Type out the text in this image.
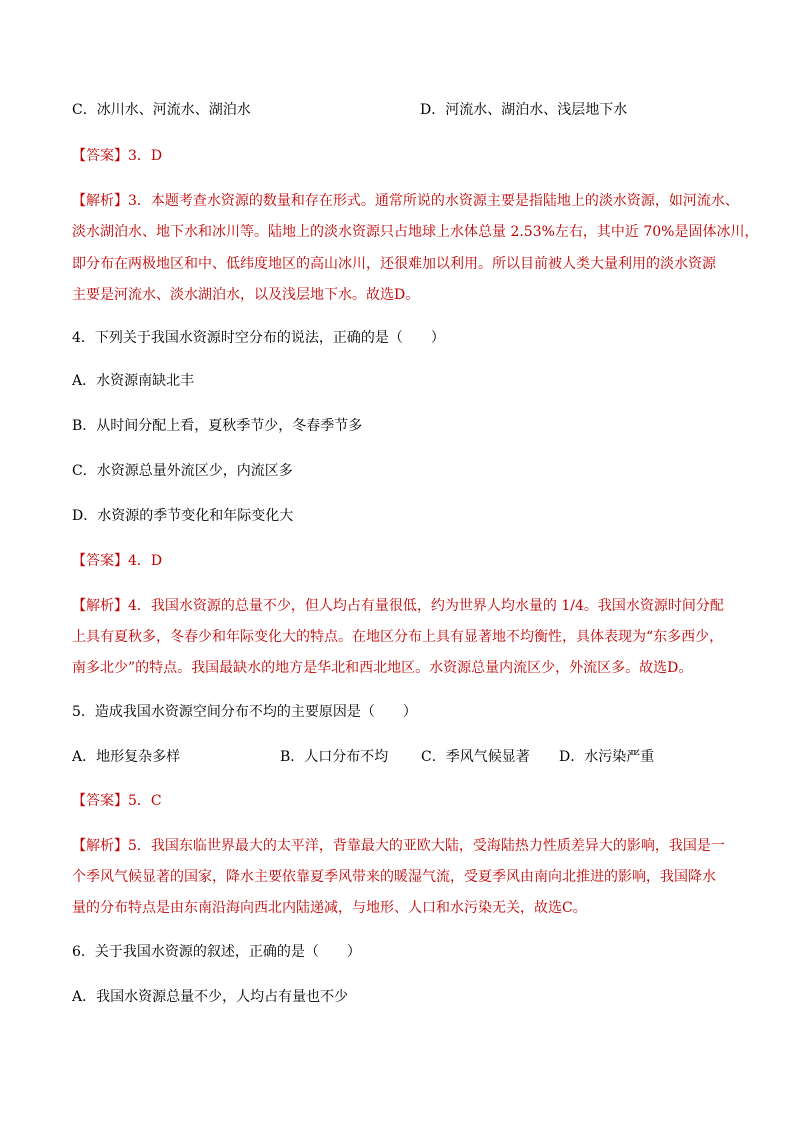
C．冰川水、河流水、湖泊水	D．河流水、湖泊水、浅层地下水
【答案】3．D
【解析】3．本题考查水资源的数量和存在形式。通常所说的水资源主要是指陆地上的淡水资源，如河流水、
淡水湖泊水、地下水和冰川等。陆地上的淡水资源只占地球上水体总量 2.53%左右，其中近 70%是固体冰川，
即分布在两极地区和中、低纬度地区的高山冰川，还很难加以利用。所以目前被人类大量利用的淡水资源
主要是河流水、淡水湖泊水，以及浅层地下水。故选D。
4．下列关于我国水资源时空分布的说法，正确的是（　　）
A．水资源南缺北丰
B．从时间分配上看，夏秋季节少，冬春季节多
C．水资源总量外流区少，内流区多
D．水资源的季节变化和年际变化大
【答案】4．D
【解析】4．我国水资源的总量不少，但人均占有量很低，约为世界人均水量的 1/4。我国水资源时间分配
上具有夏秋多，冬春少和年际变化大的特点。在地区分布上具有显著地不均衡性，具体表现为“东多西少，
南多北少”的特点。我国最缺水的地方是华北和西北地区。水资源总量内流区少，外流区多。故选D。
5．造成我国水资源空间分布不均的主要原因是（　　）
A．地形复杂多样	B．人口分布不均 C．季风气候显著 D．水污染严重
【答案】5．C
【解析】5．我国东临世界最大的太平洋，背靠最大的亚欧大陆，受海陆热力性质差异大的影响，我国是一
个季风气候显著的国家，降水主要依靠夏季风带来的暖湿气流，受夏季风由南向北推进的影响，我国降水
量的分布特点是由东南沿海向西北内陆递减，与地形、人口和水污染无关，故选C。
6．关于我国水资源的叙述，正确的是（　　）
A．我国水资源总量不少，人均占有量也不少
